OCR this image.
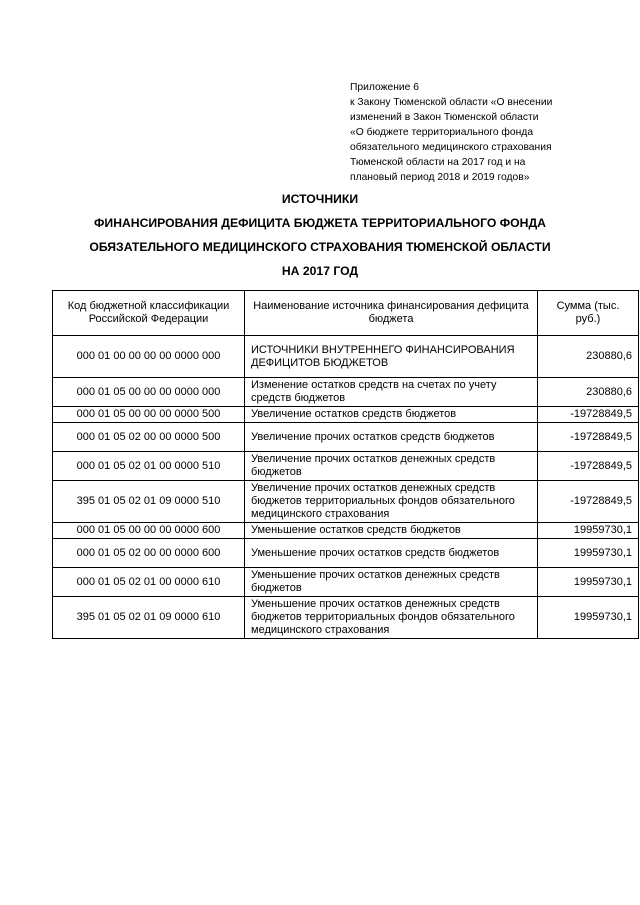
Приложение 6
к Закону Тюменской области «О внесении
изменений в Закон Тюменской области
«О бюджете территориального фонда
обязательного медицинского страхования
Тюменской области на 2017 год и на
плановый период 2018 и 2019 годов»
ИСТОЧНИКИ
ФИНАНСИРОВАНИЯ ДЕФИЦИТА БЮДЖЕТА ТЕРРИТОРИАЛЬНОГО ФОНДА
ОБЯЗАТЕЛЬНОГО МЕДИЦИНСКОГО СТРАХОВАНИЯ ТЮМЕНСКОЙ ОБЛАСТИ
НА 2017 ГОД
Код бюджетной классификации Российской Федерации	Наименование источника финансирования дефицита бюджета	Сумма (тыс. руб.)
000 01 00 00 00 00 0000 000	ИСТОЧНИКИ ВНУТРЕННЕГО ФИНАНСИРОВАНИЯ ДЕФИЦИТОВ БЮДЖЕТОВ	230880,6
000 01 05 00 00 00 0000 000	Изменение остатков средств на счетах по учету средств бюджетов	230880,6
000 01 05 00 00 00 0000 500	Увеличение остатков средств бюджетов	-19728849,5
000 01 05 02 00 00 0000 500	Увеличение прочих остатков средств бюджетов	-19728849,5
000 01 05 02 01 00 0000 510	Увеличение прочих остатков денежных средств бюджетов	-19728849,5
395 01 05 02 01 09 0000 510	Увеличение прочих остатков денежных средств бюджетов территориальных фондов обязательного медицинского страхования	-19728849,5
000 01 05 00 00 00 0000 600	Уменьшение остатков средств бюджетов	19959730,1
000 01 05 02 00 00 0000 600	Уменьшение прочих остатков средств бюджетов	19959730,1
000 01 05 02 01 00 0000 610	Уменьшение прочих остатков денежных средств бюджетов	19959730,1
395 01 05 02 01 09 0000 610	Уменьшение прочих остатков денежных средств бюджетов территориальных фондов обязательного медицинского страхования	19959730,1
